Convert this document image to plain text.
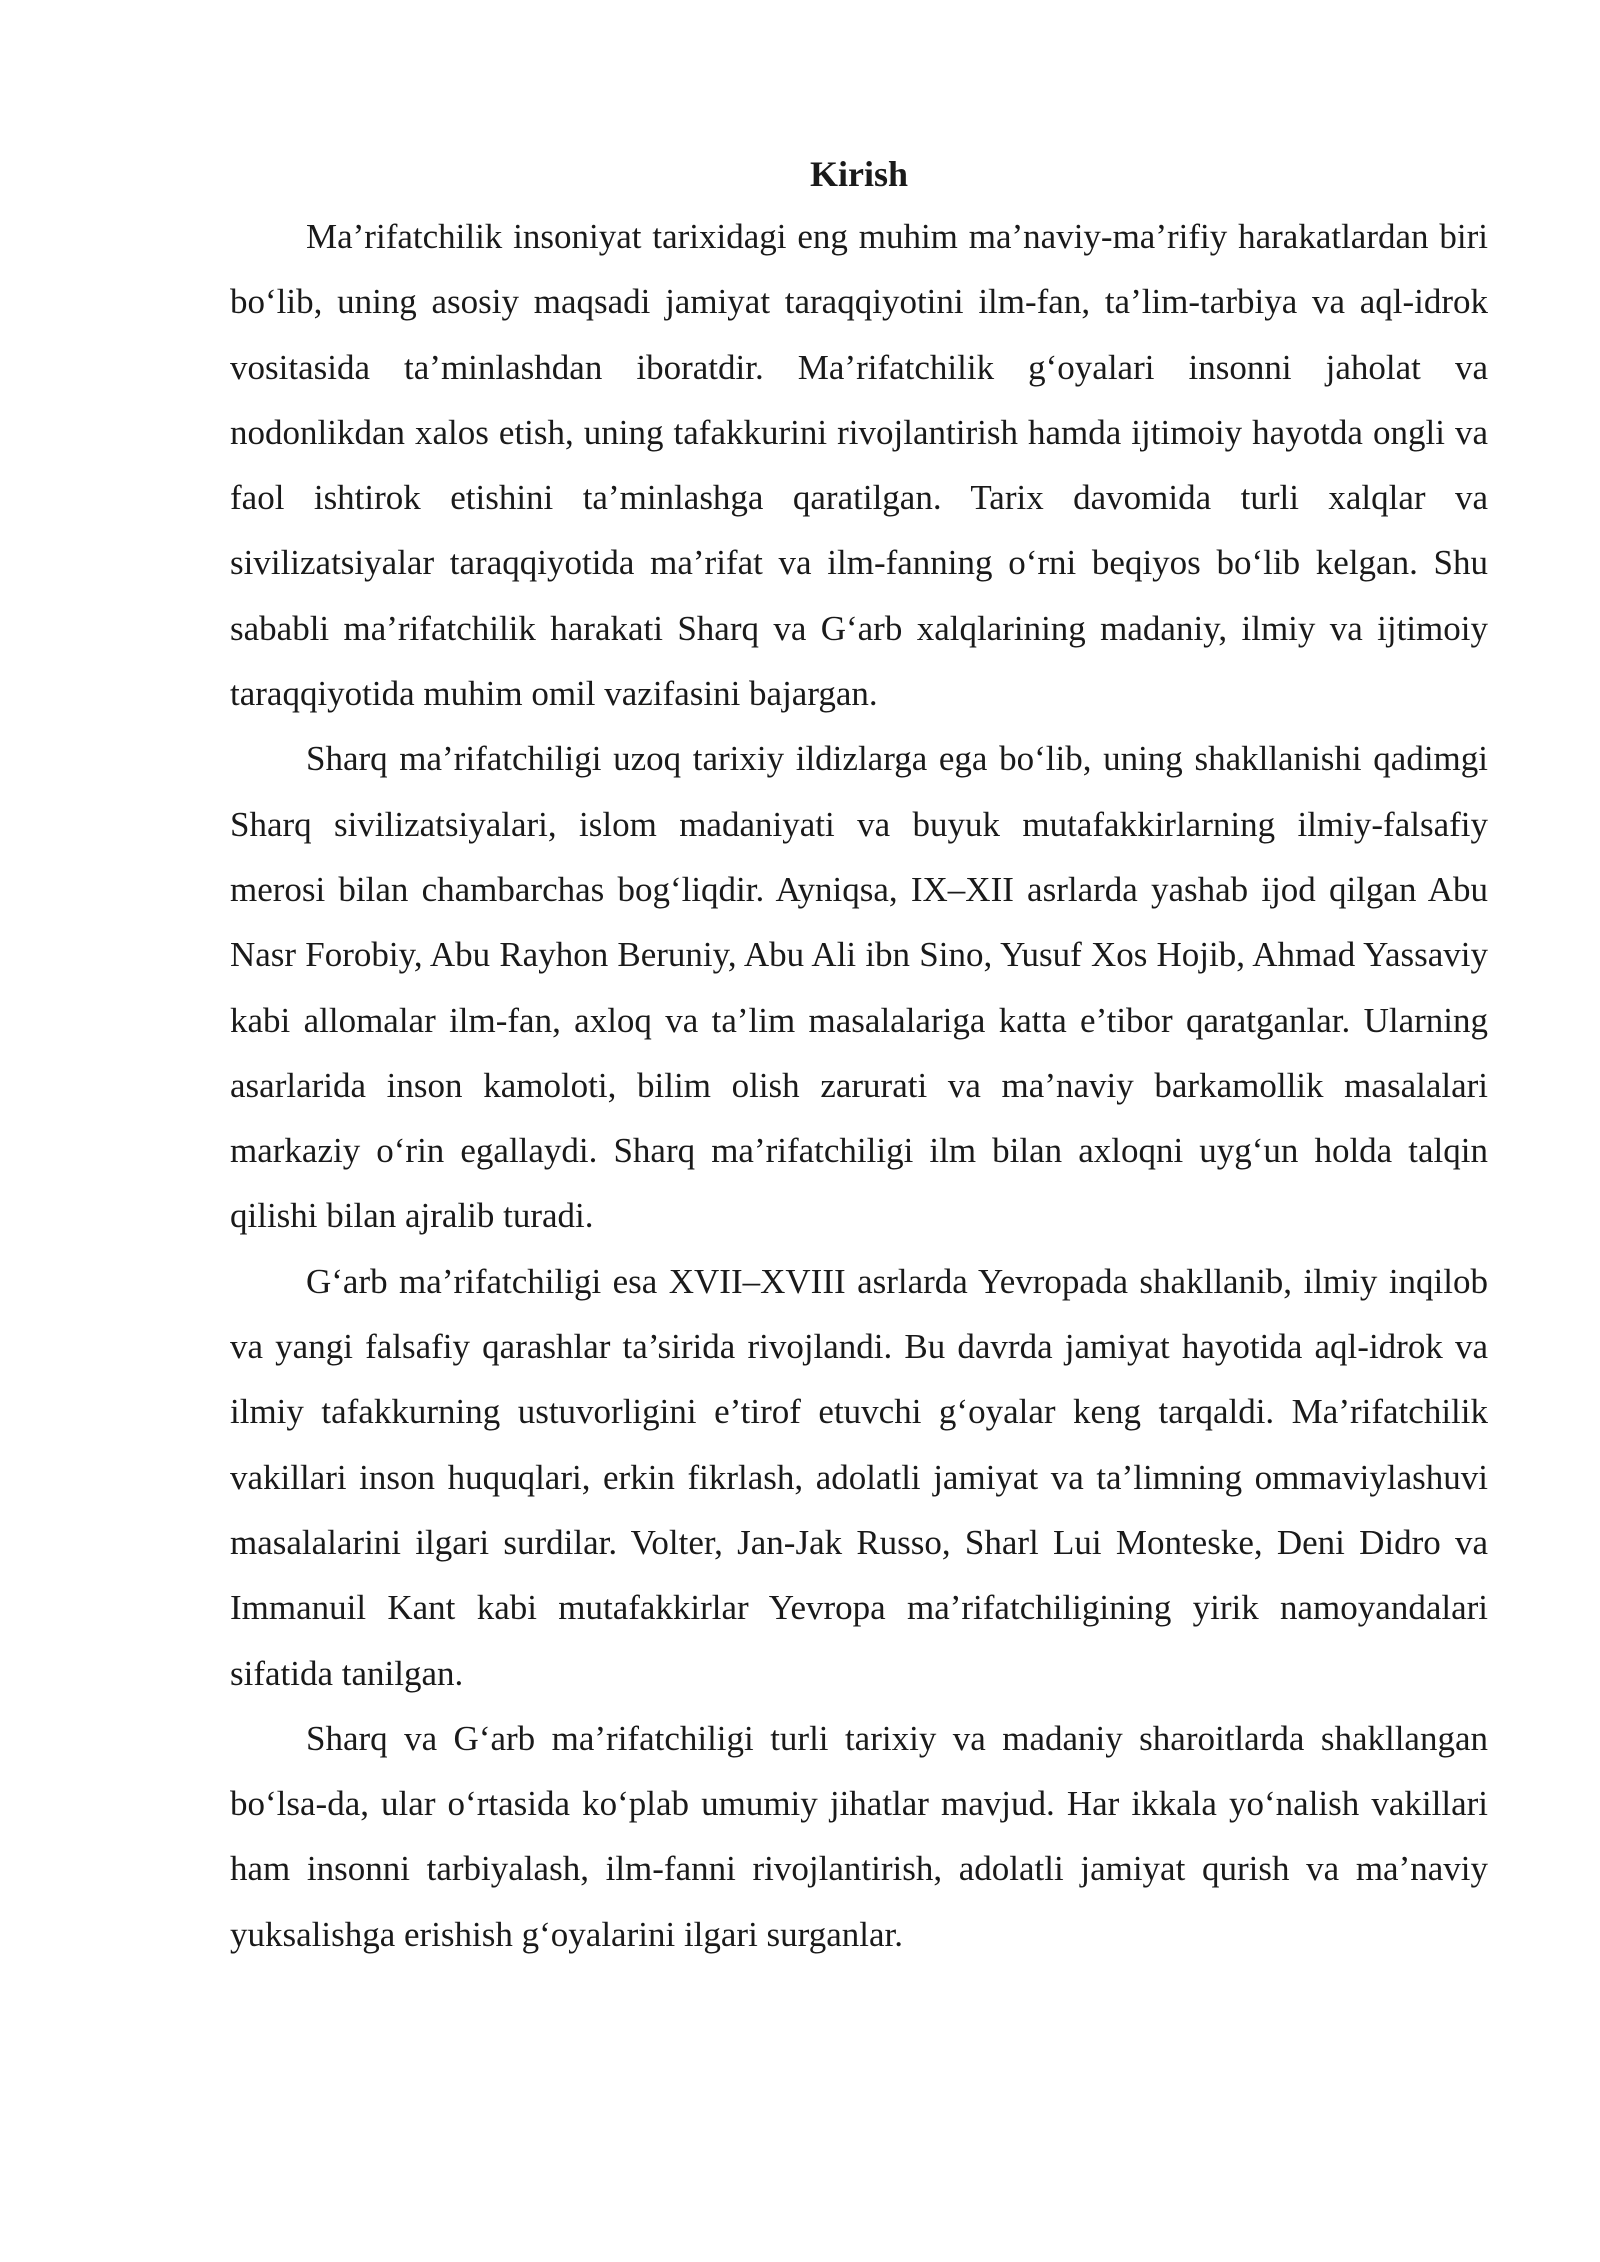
Kirish

Ma’rifatchilik insoniyat tarixidagi eng muhim ma’naviy-ma’rifiy harakatlardan biri bo‘lib, uning asosiy maqsadi jamiyat taraqqiyotini ilm-fan, ta’lim-tarbiya va aql-idrok vositasida ta’minlashdan iboratdir. Ma’rifatchilik g‘oyalari insonni jaholat va nodonlikdan xalos etish, uning tafakkurini rivojlantirish hamda ijtimoiy hayotda ongli va faol ishtirok etishini ta’minlashga qaratilgan. Tarix davomida turli xalqlar va sivilizatsiyalar taraqqiyotida ma’rifat va ilm-fanning o‘rni beqiyos bo‘lib kelgan. Shu sababli ma’rifatchilik harakati Sharq va G‘arb xalqlarining madaniy, ilmiy va ijtimoiy taraqqiyotida muhim omil vazifasini bajargan.

Sharq ma’rifatchiligi uzoq tarixiy ildizlarga ega bo‘lib, uning shakllanishi qadimgi Sharq sivilizatsiyalari, islom madaniyati va buyuk mutafakkirlarning ilmiy-falsafiy merosi bilan chambarchas bog‘liqdir. Ayniqsa, IX–XII asrlarda yashab ijod qilgan Abu Nasr Forobiy, Abu Rayhon Beruniy, Abu Ali ibn Sino, Yusuf Xos Hojib, Ahmad Yassaviy kabi allomalar ilm-fan, axloq va ta’lim masalalariga katta e’tibor qaratganlar. Ularning asarlarida inson kamoloti, bilim olish zarurati va ma’naviy barkamollik masalalari markaziy o‘rin egallaydi. Sharq ma’rifatchiligi ilm bilan axloqni uyg‘un holda talqin qilishi bilan ajralib turadi.

G‘arb ma’rifatchiligi esa XVII–XVIII asrlarda Yevropada shakllanib, ilmiy inqilob va yangi falsafiy qarashlar ta’sirida rivojlandi. Bu davrda jamiyat hayotida aql-idrok va ilmiy tafakkurning ustuvorligini e’tirof etuvchi g‘oyalar keng tarqaldi. Ma’rifatchilik vakillari inson huquqlari, erkin fikrlash, adolatli jamiyat va ta’limning ommaviylashuvi masalalarini ilgari surdilar. Volter, Jan-Jak Russo, Sharl Lui Monteske, Deni Didro va Immanuil Kant kabi mutafakkirlar Yevropa ma’rifatchiligining yirik namoyandalari sifatida tanilgan.

Sharq va G‘arb ma’rifatchiligi turli tarixiy va madaniy sharoitlarda shakllangan bo‘lsa-da, ular o‘rtasida ko‘plab umumiy jihatlar mavjud. Har ikkala yo‘nalish vakillari ham insonni tarbiyalash, ilm-fanni rivojlantirish, adolatli jamiyat qurish va ma’naviy yuksalishga erishish g‘oyalarini ilgari surganlar.
